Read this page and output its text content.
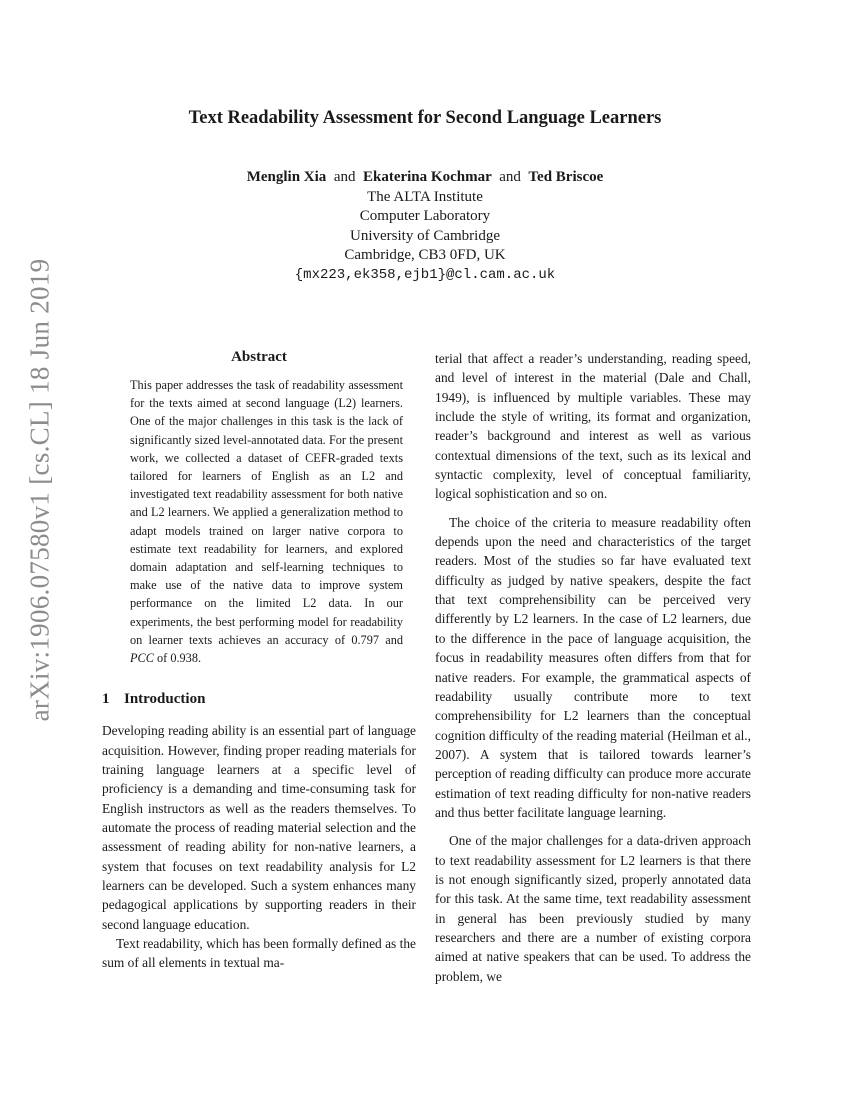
arXiv:1906.07580v1 [cs.CL] 18 Jun 2019
Text Readability Assessment for Second Language Learners
Menglin Xia and Ekaterina Kochmar and Ted Briscoe
The ALTA Institute
Computer Laboratory
University of Cambridge
Cambridge, CB3 0FD, UK
{mx223,ek358,ejb1}@cl.cam.ac.uk
Abstract

This paper addresses the task of readability assessment for the texts aimed at second language (L2) learners. One of the major challenges in this task is the lack of significantly sized level-annotated data. For the present work, we collected a dataset of CEFR-graded texts tailored for learners of English as an L2 and investigated text readability assessment for both native and L2 learners. We applied a generalization method to adapt models trained on larger native corpora to estimate text readability for learners, and explored domain adaptation and self-learning techniques to make use of the native data to improve system performance on the limited L2 data. In our experiments, the best performing model for readability on learner texts achieves an accuracy of 0.797 and PCC of 0.938.

1 Introduction

Developing reading ability is an essential part of language acquisition. However, finding proper reading materials for training language learners at a specific level of proficiency is a demanding and time-consuming task for English instructors as well as the readers themselves. To automate the process of reading material selection and the assessment of reading ability for non-native learners, a system that focuses on text readability analysis for L2 learners can be developed. Such a system enhances many pedagogical applications by supporting readers in their second language education.

Text readability, which has been formally defined as the sum of all elements in textual ma-

terial that affect a reader’s understanding, reading speed, and level of interest in the material (Dale and Chall, 1949), is influenced by multiple variables. These may include the style of writing, its format and organization, reader’s background and interest as well as various contextual dimensions of the text, such as its lexical and syntactic complexity, level of conceptual familiarity, logical sophistication and so on.

The choice of the criteria to measure readability often depends upon the need and characteristics of the target readers. Most of the studies so far have evaluated text difficulty as judged by native speakers, despite the fact that text comprehensibility can be perceived very differently by L2 learners. In the case of L2 learners, due to the difference in the pace of language acquisition, the focus in readability measures often differs from that for native readers. For example, the grammatical aspects of readability usually contribute more to text comprehensibility for L2 learners than the conceptual cognition difficulty of the reading material (Heilman et al., 2007). A system that is tailored towards learner’s perception of reading difficulty can produce more accurate estimation of text reading difficulty for non-native readers and thus better facilitate language learning.

One of the major challenges for a data-driven approach to text readability assessment for L2 learners is that there is not enough significantly sized, properly annotated data for this task. At the same time, text readability assessment in general has been previously studied by many researchers and there are a number of existing corpora aimed at native speakers that can be used. To address the problem, we
